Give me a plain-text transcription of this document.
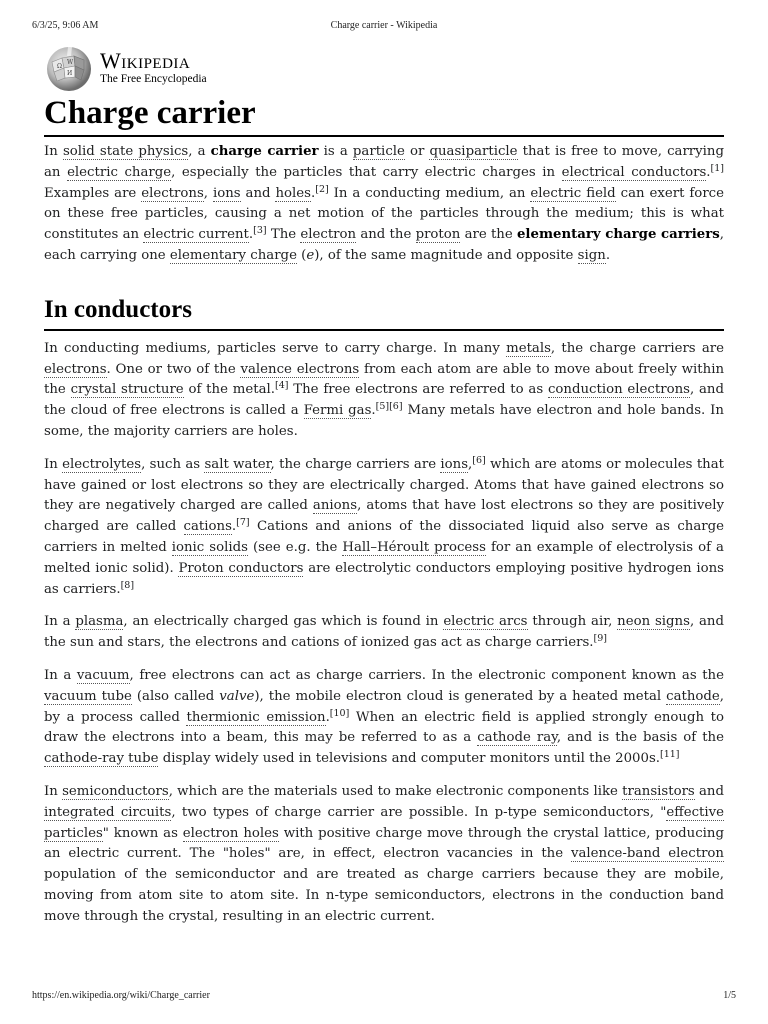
6/3/25, 9:06 AM	Charge carrier - Wikipedia
Ω
W
И
Wikipedia
The Free Encyclopedia
Charge carrier

In solid state physics, a charge carrier is a particle or quasiparticle that is free to move, carrying an electric charge, especially the particles that carry electric charges in electrical conductors.[1] Examples are electrons, ions and holes.[2] In a conducting medium, an electric field can exert force on these free particles, causing a net motion of the particles through the medium; this is what constitutes an electric current.[3] The electron and the proton are the elementary charge carriers, each carrying one elementary charge (e), of the same magnitude and opposite sign.

In conductors

In conducting mediums, particles serve to carry charge. In many metals, the charge carriers are electrons. One or two of the valence electrons from each atom are able to move about freely within the crystal structure of the metal.[4] The free electrons are referred to as conduction electrons, and the cloud of free electrons is called a Fermi gas.[5][6] Many metals have electron and hole bands. In some, the majority carriers are holes.

In electrolytes, such as salt water, the charge carriers are ions,[6] which are atoms or molecules that have gained or lost electrons so they are electrically charged. Atoms that have gained electrons so they are negatively charged are called anions, atoms that have lost electrons so they are positively charged are called cations.[7] Cations and anions of the dissociated liquid also serve as charge carriers in melted ionic solids (see e.g. the Hall–Héroult process for an example of electrolysis of a melted ionic solid). Proton conductors are electrolytic conductors employing positive hydrogen ions as carriers.[8]

In a plasma, an electrically charged gas which is found in electric arcs through air, neon signs, and the sun and stars, the electrons and cations of ionized gas act as charge carriers.[9]

In a vacuum, free electrons can act as charge carriers. In the electronic component known as the vacuum tube (also called valve), the mobile electron cloud is generated by a heated metal cathode, by a process called thermionic emission.[10] When an electric field is applied strongly enough to draw the electrons into a beam, this may be referred to as a cathode ray, and is the basis of the cathode-ray tube display widely used in televisions and computer monitors until the 2000s.[11]

In semiconductors, which are the materials used to make electronic components like transistors and integrated circuits, two types of charge carrier are possible. In p-type semiconductors, "effective particles" known as electron holes with positive charge move through the crystal lattice, producing an electric current. The "holes" are, in effect, electron vacancies in the valence-band electron population of the semiconductor and are treated as charge carriers because they are mobile, moving from atom site to atom site. In n-type semiconductors, electrons in the conduction band move through the crystal, resulting in an electric current.

https://en.wikipedia.org/wiki/Charge_carrier	1/5
